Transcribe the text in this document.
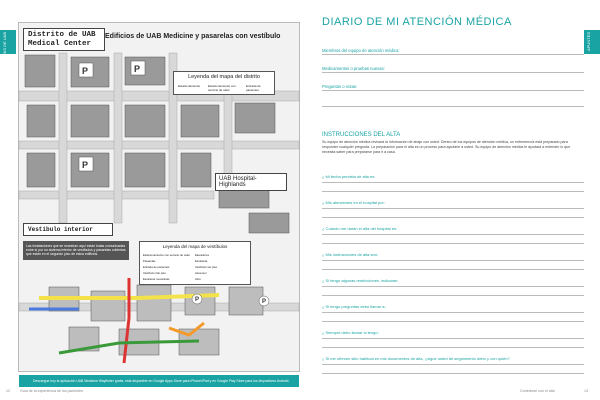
MAPAS DE UAB	APUNTES
P
P
P
P	P
Distrito de UAB Medical Center
Edificios de UAB Medicine y pasarelas con vestíbulo
Leyenda del mapa del distrito
Estacionamiento	Estacionamiento con servicio de valet
Entrada de pacientes
UAB Hospital-Highlands
Vestíbulo interior
Las instalaciones que se muestran aquí están todas comunicadas entre sí por un sistema interior de vestíbulos y pasarelas cubiertas que están en el segundo piso de estos edificios.
Leyenda del mapa de vestíbulos
Estacionamiento con servicio de valet Elevadores
Pasarelas	Escaleras
Entrada de pacientes	Vestíbulo 1er piso
Vestíbulo 2do piso	Ascensor
Escaleras mecánicas	Atrio
Descargue hoy la aplicación UAB Medicine Wayfinder gratis, está disponible en Google Apps Store para iPhone/iPad y en Google Play Store para los dispositivos Android.
12	Guía de la experiencia de los pacientes
DIARIO DE MI ATENCIÓN MÉDICA
Miembros del equipo de atención médica:
Medicamentos o pruebas nuevas:
Preguntas o notas:
INSTRUCCIONES DEL ALTA
Su equipo de atención médica revisará la información de abajo con usted. Dentro de los equipos de atención médica, un enfermero/a está preparado para responder cualquier pregunta. La preparación para el alta es un proceso para ayudarle a usted. Su equipo de atención médica le ayudará a entender lo que necesita saber para prepararse para ir a casa.
¿ Mi fecha prevista de alta es:
¿ Mis atenciones en el hospital por:
¿ Cuándo me darán el alta del hospital en:
¿ Mis instrucciones de alta son:
¿ Si tengo algunas restricciones, indicarán:
¿ Si tengo preguntas debo llamar a:
¿ Siempre debo llamar si tengo:
¿ Si me ofrecen sitio habitual en mis documentos de alta, ¿sigue usted de seguimiento debo y con quién?
Conéctese con el alta	13
